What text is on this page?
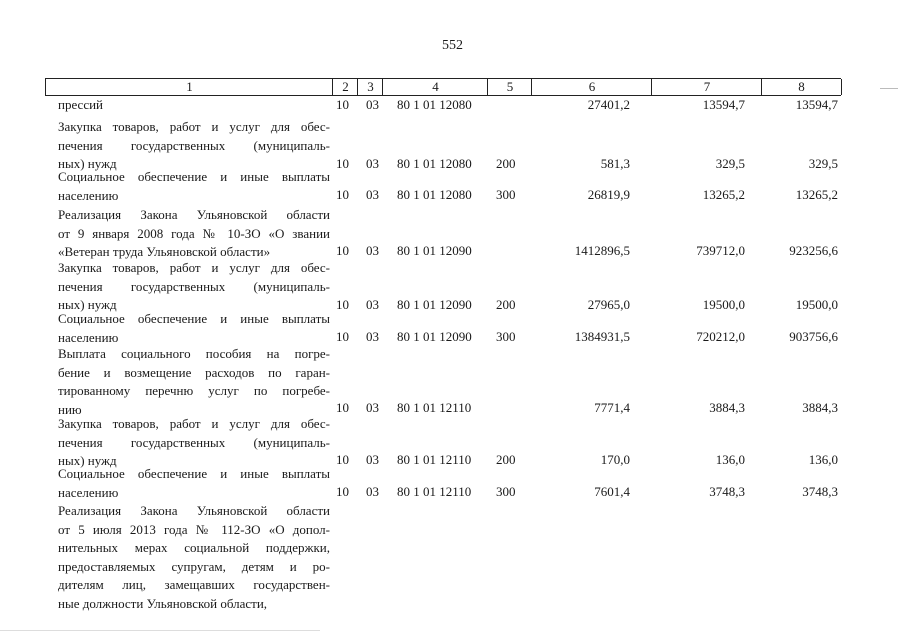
552
1	2	3	4	5	6	7	8
прессий	10 03 80 1 01 12080	27401,2	13594,7	13594,7
Закупка товаров, работ и услуг для обес-
печения государственных (муниципаль-
ных) нужд	10 03 80 1 01 12080 200	581,3	329,5	329,5
Социальное обеспечение и иные выплаты
населению	10 03 80 1 01 12080 300	26819,9	13265,2	13265,2
Реализация Закона Ульяновской области
от 9 января 2008 года № 10-ЗО «О звании
«Ветеран труда Ульяновской области»	10 03 80 1 01 12090	1412896,5	739712,0	923256,6
Закупка товаров, работ и услуг для обес-
печения государственных (муниципаль-
ных) нужд	10 03 80 1 01 12090 200	27965,0	19500,0	19500,0
Социальное обеспечение и иные выплаты
населению	10 03 80 1 01 12090 300	1384931,5	720212,0	903756,6
Выплата социального пособия на погре-
бение и возмещение расходов по гаран-
тированному перечню услуг по погребе-
нию	10 03 80 1 01 12110	7771,4	3884,3	3884,3
Закупка товаров, работ и услуг для обес-
печения государственных (муниципаль-
ных) нужд	10 03 80 1 01 12110 200	170,0	136,0	136,0
Социальное обеспечение и иные выплаты
населению	10 03 80 1 01 12110 300	7601,4	3748,3	3748,3
Реализация Закона Ульяновской области
от 5 июля 2013 года № 112-ЗО «О допол-
нительных мерах социальной поддержки,
предоставляемых супругам, детям и ро-
дителям лиц, замещавших государствен-
ные должности Ульяновской области,
